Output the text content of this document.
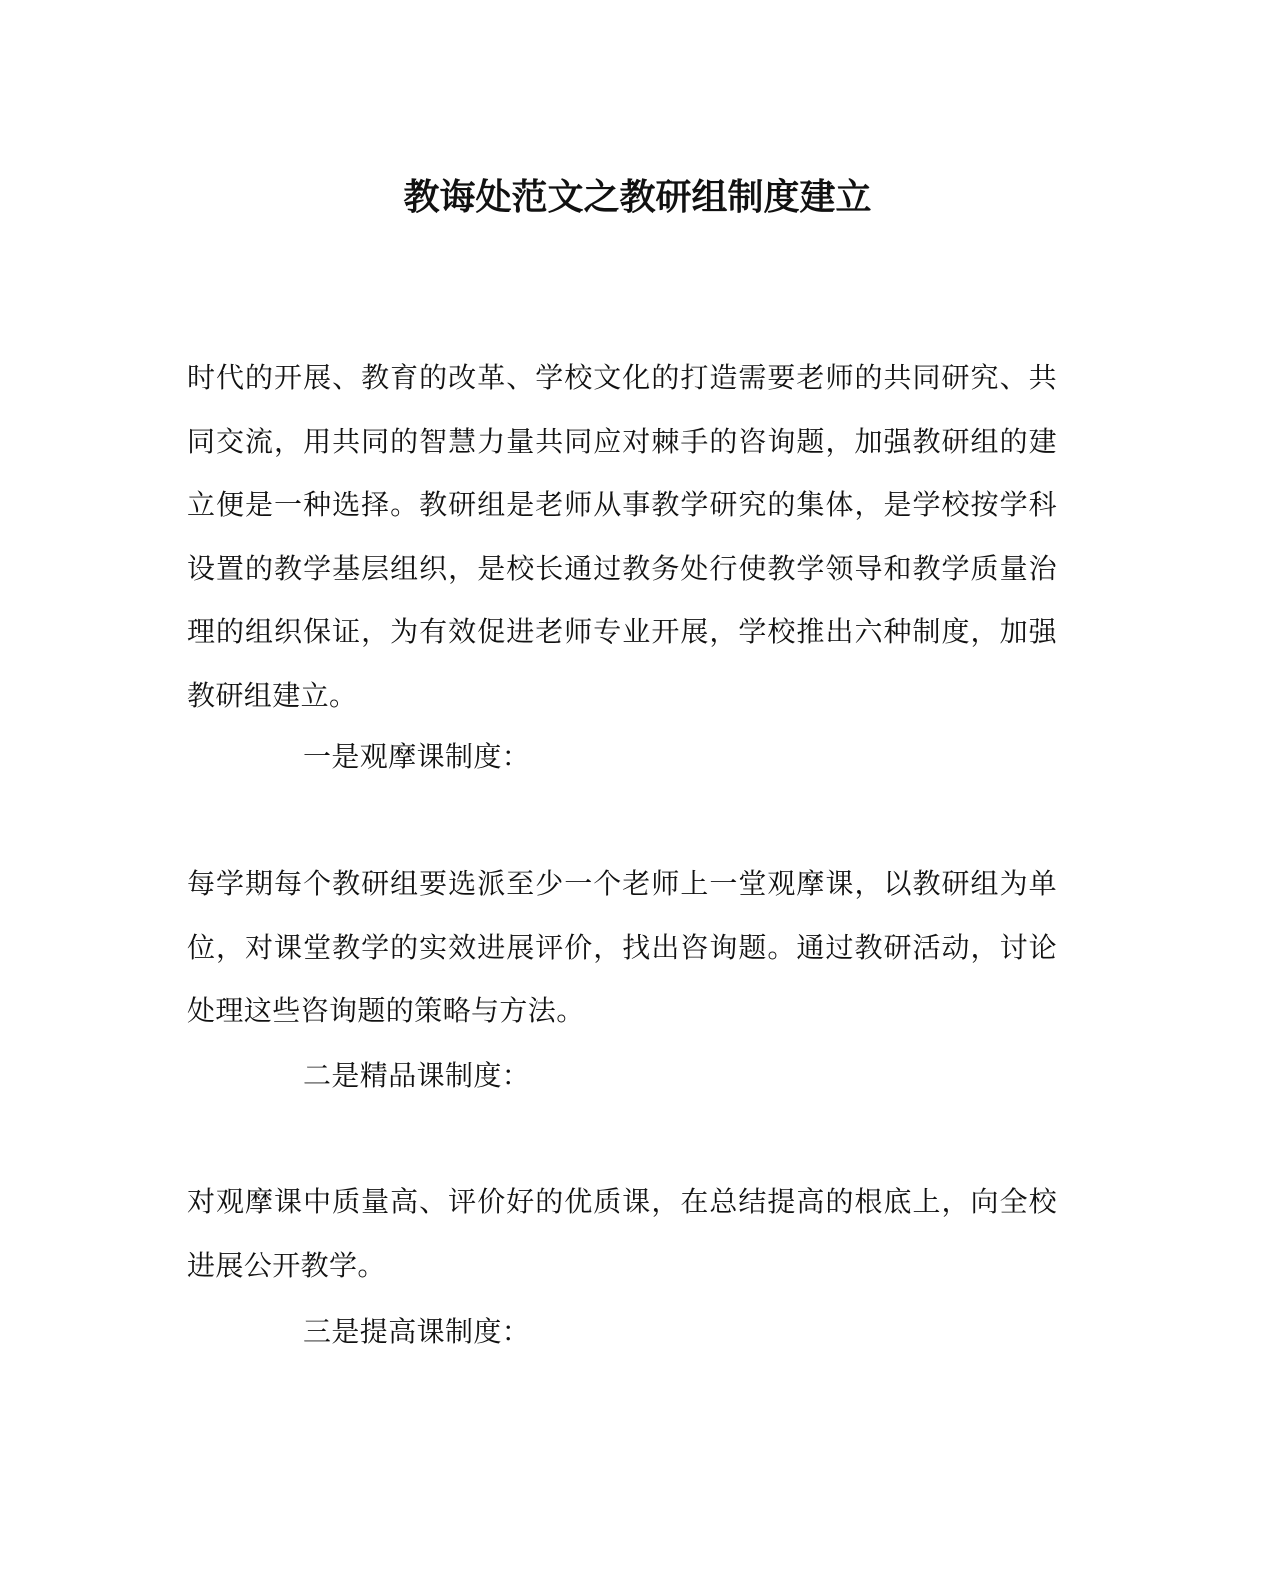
教诲处范文之教研组制度建立

时代的开展、教育的改革、学校文化的打造需要老师的共同研究、共同交流，用共同的智慧力量共同应对棘手的咨询题，加强教研组的建立便是一种选择。教研组是老师从事教学研究的集体，是学校按学科设置的教学基层组织，是校长通过教务处行使教学领导和教学质量治理的组织保证，为有效促进老师专业开展，学校推出六种制度，加强教研组建立。

一是观摩课制度：

每学期每个教研组要选派至少一个老师上一堂观摩课，以教研组为单位，对课堂教学的实效进展评价，找出咨询题。通过教研活动，讨论处理这些咨询题的策略与方法。

二是精品课制度：

对观摩课中质量高、评价好的优质课，在总结提高的根底上，向全校进展公开教学。

三是提高课制度：
